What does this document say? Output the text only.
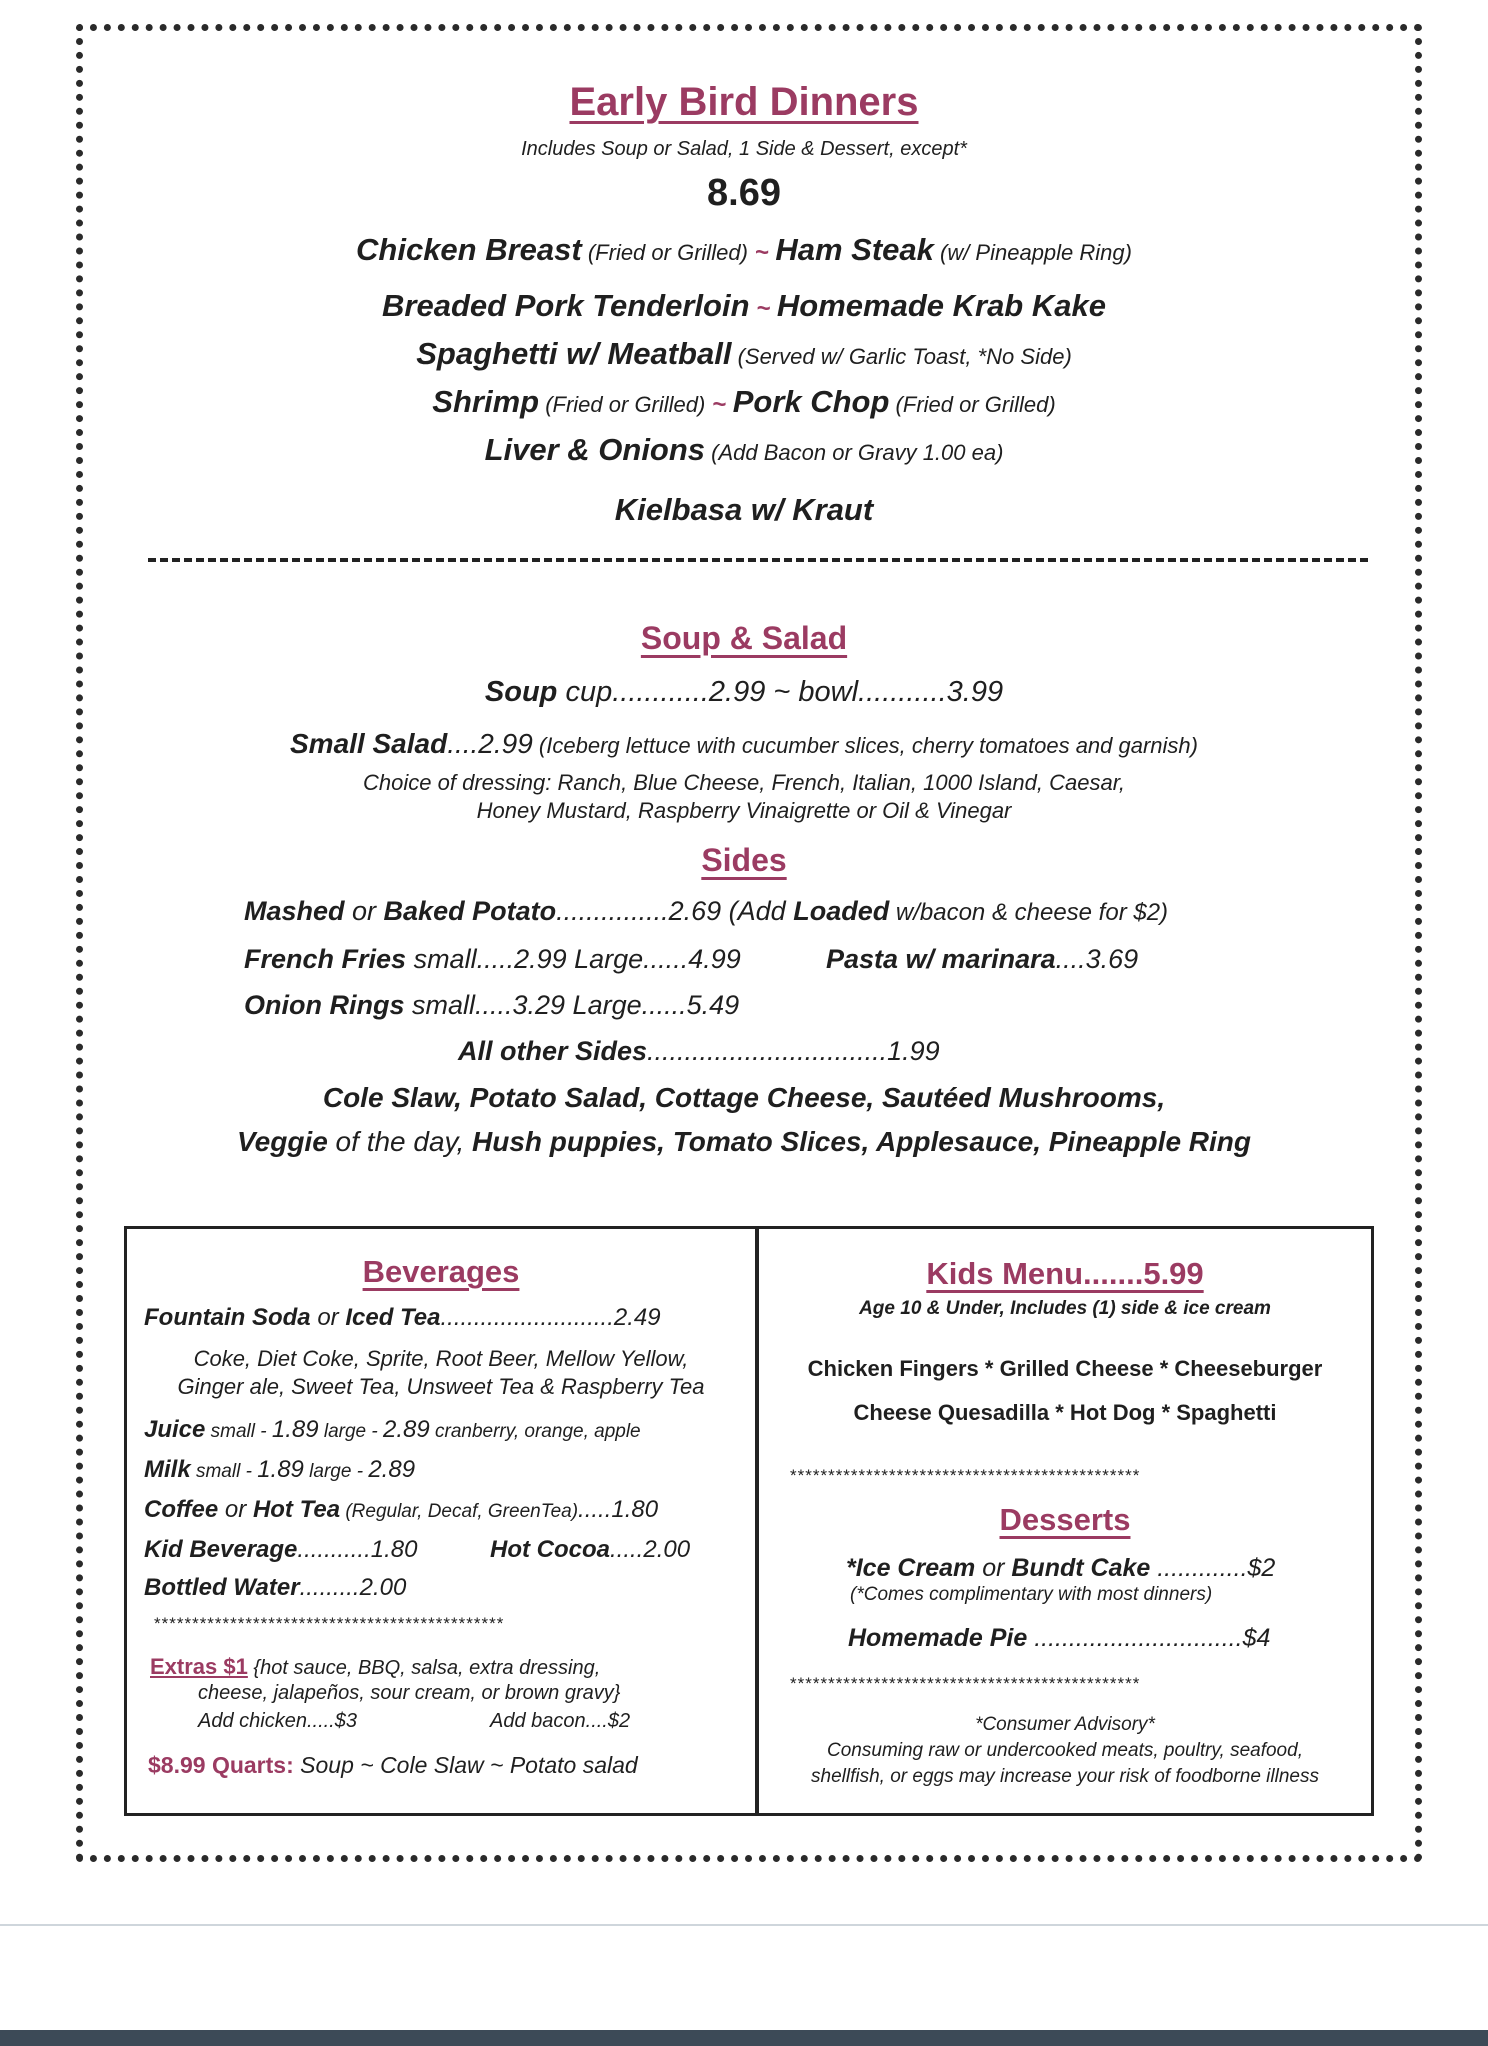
Early Bird Dinners
Includes Soup or Salad, 1 Side & Dessert, except*
8.69
Chicken Breast (Fried or Grilled) ~ Ham Steak (w/ Pineapple Ring)
Breaded Pork Tenderloin ~ Homemade Krab Kake
Spaghetti w/ Meatball (Served w/ Garlic Toast, *No Side)
Shrimp (Fried or Grilled) ~ Pork Chop (Fried or Grilled)
Liver & Onions (Add Bacon or Gravy 1.00 ea)
Kielbasa w/ Kraut
Soup & Salad
Soup cup............2.99 ~ bowl...........3.99
Small Salad....2.99 (Iceberg lettuce with cucumber slices, cherry tomatoes and garnish)
Choice of dressing: Ranch, Blue Cheese, French, Italian, 1000 Island, Caesar,
Honey Mustard, Raspberry Vinaigrette or Oil & Vinegar
Sides
Mashed or Baked Potato...............2.69 (Add Loaded w/bacon & cheese for $2)
French Fries small.....2.99 Large......4.99	Pasta w/ marinara....3.69
Onion Rings small.....3.29 Large......5.49
All other Sides................................1.99
Cole Slaw, Potato Salad, Cottage Cheese, Sautéed Mushrooms,
Veggie of the day, Hush puppies, Tomato Slices, Applesauce, Pineapple Ring
Beverages
Fountain Soda or Iced Tea..........................2.49
Coke, Diet Coke, Sprite, Root Beer, Mellow Yellow,
Ginger ale, Sweet Tea, Unsweet Tea & Raspberry Tea
Juice small - 1.89 large - 2.89 cranberry, orange, apple
Milk small - 1.89 large - 2.89
Coffee or Hot Tea (Regular, Decaf, GreenTea).....1.80
Kid Beverage...........1.80	Hot Cocoa.....2.00
Bottled Water.........2.00
**********************************************
Extras $1 {hot sauce, BBQ, salsa, extra dressing,
cheese, jalapeños, sour cream, or brown gravy}
Add chicken.....$3	Add bacon....$2
$8.99 Quarts: Soup ~ Cole Slaw ~ Potato salad
Kids Menu.......5.99
Age 10 & Under, Includes (1) side & ice cream
Chicken Fingers * Grilled Cheese * Cheeseburger
Cheese Quesadilla * Hot Dog * Spaghetti
**********************************************
Desserts
*Ice Cream or Bundt Cake .............$2
(*Comes complimentary with most dinners)
Homemade Pie ..............................$4
**********************************************
*Consumer Advisory*
Consuming raw or undercooked meats, poultry, seafood,
shellfish, or eggs may increase your risk of foodborne illness
